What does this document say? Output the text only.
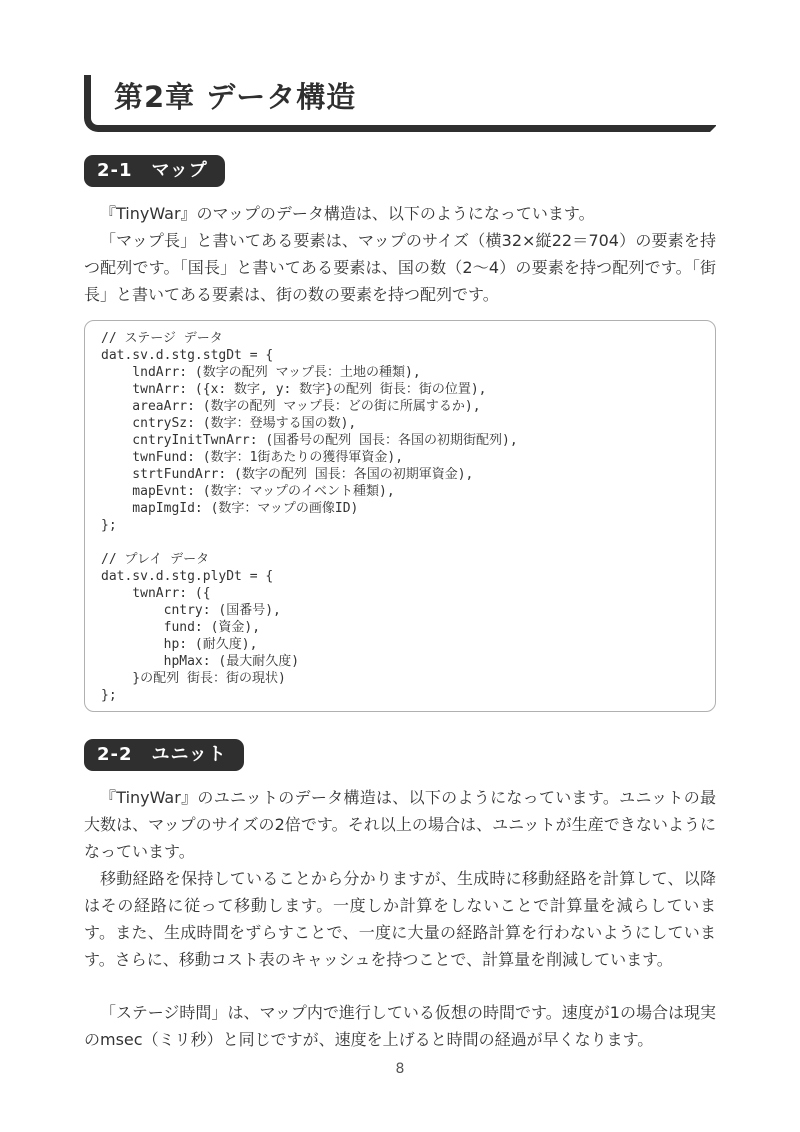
第2章 データ構造
2-1　マップ
『TinyWar』のマップのデータ構造は、以下のようになっています。
「マップ長」と書いてある要素は、マップのサイズ（横32×縦22＝704）の要素を持つ配列です。「国長」と書いてある要素は、国の数（2～4）の要素を持つ配列です。「街長」と書いてある要素は、街の数の要素を持つ配列です。
// ステージ データ
dat.sv.d.stg.stgDt = {
lndArr: (数字の配列 マップ長：土地の種類),
twnArr: ({x: 数字, y: 数字}の配列 街長：街の位置),
areaArr: (数字の配列 マップ長：どの街に所属するか),
cntrySz: (数字：登場する国の数),
cntryInitTwnArr: (国番号の配列 国長：各国の初期街配列),
twnFund: (数字：1街あたりの獲得軍資金),
strtFundArr: (数字の配列 国長：各国の初期軍資金),
mapEvnt: (数字：マップのイベント種類),
mapImgId: (数字：マップの画像ID)
};

// プレイ データ
dat.sv.d.stg.plyDt = {
twnArr: ({
cntry: (国番号),
fund: (資金),
hp: (耐久度),
hpMax: (最大耐久度)
}の配列 街長：街の現状)
};
2-2　ユニット
『TinyWar』のユニットのデータ構造は、以下のようになっています。ユニットの最大数は、マップのサイズの2倍です。それ以上の場合は、ユニットが生産できないようになっています。
移動経路を保持していることから分かりますが、生成時に移動経路を計算して、以降はその経路に従って移動します。一度しか計算をしないことで計算量を減らしています。また、生成時間をずらすことで、一度に大量の経路計算を行わないようにしています。さらに、移動コスト表のキャッシュを持つことで、計算量を削減しています。
「ステージ時間」は、マップ内で進行している仮想の時間です。速度が1の場合は現実のmsec（ミリ秒）と同じですが、速度を上げると時間の経過が早くなります。
8
